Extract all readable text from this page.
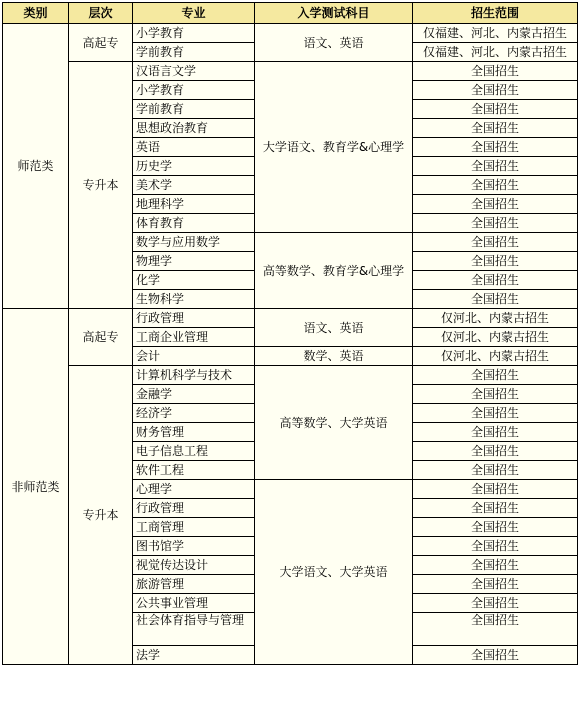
类别	层次	专业	入学测试科目	招生范围
师范类	高起专	小学教育	语文、英语	仅福建、河北、内蒙古招生
		学前教育		仅福建、河北、内蒙古招生
	专升本	汉语言文学	大学语文、教育学&心理学	全国招生
		小学教育		全国招生
		学前教育		全国招生
		思想政治教育		全国招生
		英语		全国招生
		历史学		全国招生
		美术学		全国招生
		地理科学		全国招生
		体育教育		全国招生
		数学与应用数学	高等数学、教育学&心理学	全国招生
		物理学		全国招生
		化学		全国招生
		生物科学		全国招生
非师范类	高起专	行政管理	语文、英语	仅河北、内蒙古招生
		工商企业管理		仅河北、内蒙古招生
		会计	数学、英语	仅河北、内蒙古招生
	专升本	计算机科学与技术	高等数学、大学英语	全国招生
		金融学		全国招生
		经济学		全国招生
		财务管理		全国招生
		电子信息工程		全国招生
		软件工程		全国招生
		心理学	大学语文、大学英语	全国招生
		行政管理		全国招生
		工商管理		全国招生
		图书馆学		全国招生
		视觉传达设计		全国招生
		旅游管理		全国招生
		公共事业管理		全国招生
		社会体育指导与管理		全国招生
		法学		全国招生
